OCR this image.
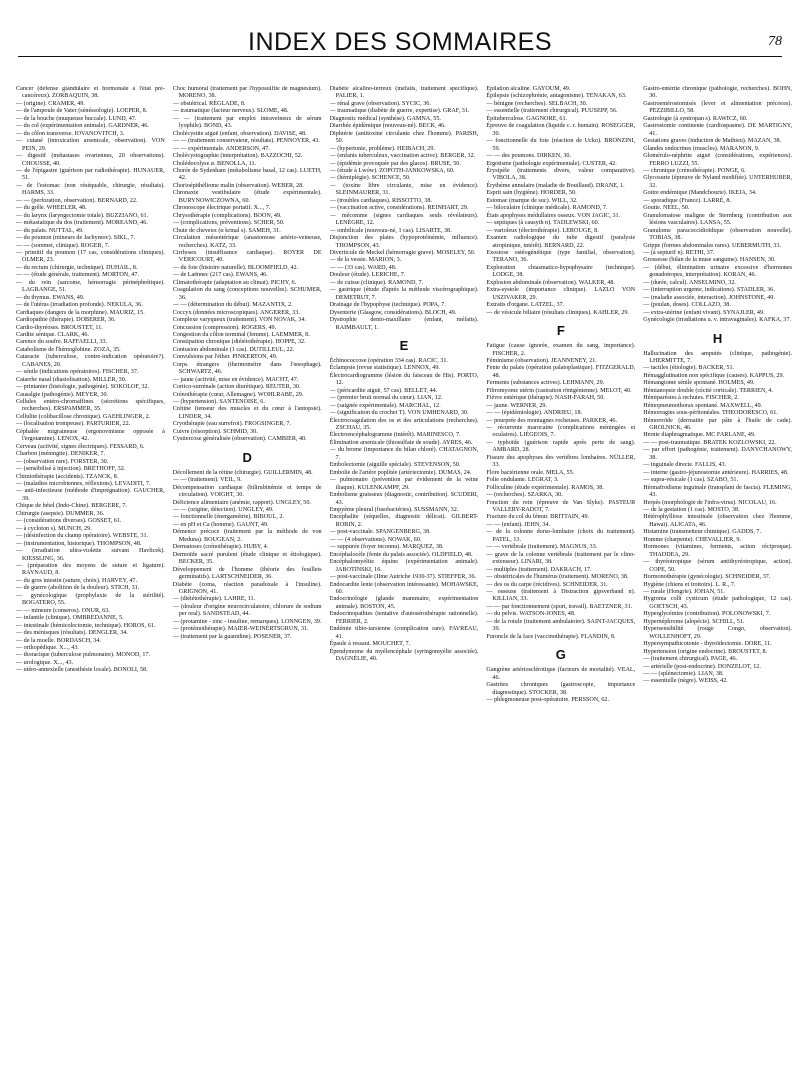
INDEX DES SOMMAIRES	78

Cancer (défense glandulaire et hormonale à l'état pré-cancéreux). ZORBAQUIN, 38.

— (origine). CRAMER, 49.

— de l'ampoule de Vater (sénéssologie). LOEPER, 8.

— de la bouche (muqueuse buccale). LUND, 47.

— du col (expérimentation animale). GARDNER, 46.

— du côlon transverse. IOVANOVITCH, 3.

— cutané (intoxication arsenicale, observation). VON PEIN, 29.

— digestif (métastases ovariennes, 20 observations). CHOUSSE, 40.

— de l'épigastre (guérison par radiothérapie). HUNAUER, 51.

— de l'estomac (non réséquable, chirurgie, résultats). HARMS, 33.

— — (perforation, observation). BERNARD, 22.

— du grêle. WHEELER, 48.

— du larynx (laryngectomie totale). BUZZIANO, 61.

— métastatique du dos (traitement). MOREAND, 46.

— du palais. NUTTAL, 49.

— du poumon (mineurs de Jachymov). SIKL, 7.

— — (sommet, clinique). ROGER, 7.

— primitif du poumon (17 cas, considérations cliniques). OLMER, 23.

— du rectum (chirurgie, technique). DUHAIL, 8.

— — (étude générale, traitement). MORTON, 47.

— du rein (sarcome, hémorragie périnéphrétique). LAGRANGE, 51.

— du thymus. EWANS, 49.

— de l'utérus (irradiation profonde). NEKULA, 36.

Cardiaques (dangers de la morphine). MAURIZ, 15.

Cardiopathie (thérapie). DOBERER, 36.

Cardio-thyréoses. BROUSTET, 11.

Cardite sénique. CLARK, 46.

Carence du soufre. RAFFAELLI, 33.

Catabolisme de l'hémoglobine. ZOZA, 35.

Cataracte (tuberculose, contre-indication opératoire?). CABANES, 20.

— sénile (indications opératoires). FISCHER, 37.

Catarrhe nasal (diastolisation). MILLER, 30.

— printanier (histologie, pathogénie). SOKOLOF, 32.

Causalgie (pathogénie). MEYER, 30.

Cellules entéro-chromaffines (sécrétions spécifiques, recherches). ERSPAMMER, 35.

Cellulite (colibacillose chronique). GAEHLINGER, 2.

— (localisation trompeuse). PARTURIER, 22.

Céphalée migraineuse (ergonovinisme opposée à l'ergotamine). LENOX, 42.

Cerveau (activité, signes électriques). FESSARD, 6.

Charbon (méningite). DENIKER, 7.

— (observation rare). FORSTER, 30.

— (sensibilisé à injection). BRETHOFF, 32.

Chimiothérapie (accidents). TZANCK, 8.

— (maladies microbiennes, réflexions). LEVADITI, 7.

— anti-infectieuse (méthode d'imprégnation). GAUCHER, 39.

Chique de bétel (Indo-Chine). BERGERE, 7.

Chirurgie (asepsie). DUMMER, 36.

— (considérations diverses). GOSSET, 61.

— à cycloton s). MUNCH, 29.

— (désinfection du champ opératoire). WEBSTE, 31.

— (instrumentation, historique). THOMPSON, 48.

— (irradiation ultra-violette suivant Havlicek). KIESSLING, 36.

— (préparation des moyens de suture et ligature). RAYNAUD, 8.

— du gros intestin (suture, choix). HARVEY, 47.

— de guerre (abolition de la douleur). STICH, 31.

— gynécologique (prophylaxie de la stérilité). BOGATERO, 55.

— — mineure (conseros). ONUR, 63.

— infantile (clinique). OMBREDANNE, 5.

— intestinale (hémicolectomie, technique). HOROS, 61.

— des ménisques (résultats). DENGLER, 34.

— de la moelle. BORDASCH, 34.

— orthopédique. X..., 43.

— thoracique (tuberculose pulmonaire). MONOD, 17.

— urologique. X..., 43.

— utéro-annexielle (anesthésie locale). BONOLI, 58.

Choc humoral (traitement par l'hyposulfite de magnésium). MORENO, 38.

— obstétrical. RÉGLADE, 8.

— traumatique (facteur nerveux). SLOME, 48.

— — (traitement par emploi intraveineux de sérum lyophile). BOND, 43.

Cholécystite aiguë (enfant, observation). DAVISE, 48.

— — (traitement conservateur, résultats). PENNOYER, 43.

— — expérimentale. ANDERSON, 47.

Cholécystographie (interprétation). BAZZOCHI, 52.

Cholédocolyse ø. BENOLLA, 11.

Chorée de Sydenham (métabolisme basal, 12 cas). LUETH, 42.

Chorioépithéliome malin (observation). WEBER, 28.

Chronaxie vestibulaire (étude expérimentale). BURYNOWICZOWNA, 60.

Chronoscope électrique portatif. X..., 7.

Chrysothérapie (complications). BOON, 49.

— (complications, préventions). SCHER, 50.

Chute de cheveux (α krinal s). SAMEH, 31.

Circulation mésentérique (anastomose artério-veineuse, recherches). KATZ, 33.

Cirrhoses (insuffisance cardiaque). ROYER DE VÉRICOURT, 40.

— du foie (histoire naturelle). BLOOMFIELD, 42.

— de Laënnec (217 cas). EWANS, 46.

Climatothérapie (adaptation au climat). PICHY, 6.

Coagulation du sang (conceptions nouvelles). SCHUMER, 36.

— — (détermination du début). MAZANTIX, 2.

Coccyx (données microscopiques). ANGERER, 33.

Complexe varyqueux (traitement). VON NOVAK, 34.

Concussion (compression). ROGERS, 49.

Congestion du côlon terminal (femme). LAEMMER, 8.

Constipation chronique (diététothérapie). HOPPE, 32.

Contusion abdominale (1 cas). DUTILLEUL, 22.

Convulsions par l'éther. PINKERTON, 49.

Corps étrangers (thermométre dans l'œsophage). SCHWARTZ, 46.

— jaune (activité, mise en évidence). MACHT, 47.

Cortico-surrénale (action diurétique). REUTER, 30.

Crénothérapie (cœur, Allemagne). WOHLRABE, 29.

— (hypertension). SANTENOISE, 6.

Crétine (tenseur des muscles et du cœur à l'antopsie). LINDER, 34.

Cryothérapie (eau surrefroi). FROGSINGER, 7.

Cuivre (résorption). SCHMID, 30.

Cystiercose généralisée (observation). CAMBIER, 40.

D

Décollement de la rétine (chirurgie). GUILLERMIN, 48.

— — (traitement). VEIL, 9.

Décompensation cardiaque (bilirubinémie et temps de circulation). VOIGHT, 30.

Déficience alimentaire (anémie, rapport). UNGLEY, 50.

— — (origine, détection). UNGLEY, 49.

— fonctionnelle (énergamétrie). BIBOUL, 2.

— en pH et Ca (homme). GAUNT, 49.

Démence précoce (traitement par la méthode de von Meduna). BOUGEAN, 2.

Dermatoses (crénothérapie). HUBY, 4.

Dermoïde sacré purulent (étude clinique et étiologique). BECKER, 35.

Développement de l'homme (théorie des feuillets germinatifs). LARTSCHNEIDER, 36.

Diabète (coma, réaction paradoxale à l'insuline). GRIGNON, 41.

— (diététothérapie). LAHRE, 11.

— (douleur d'origine neurocirculatoire, chlorure de sodium per oral). SANDSTEAD, 44.

— (protamine - zinc - insuline, remarques). LONNGEN, 39.

— (protéinothérapie). MAIER-WEINERTSGRUN, 31.

— (traitement par la guanidine). POSENER, 37.

Diabète alcalino-terreux (méfaits, traitement spécifique). PALIER, 1.

— rénal grave (observation). SYCIC, 36.

— traumatique (diabète de guerre, expertise). GRAF, 31.

Diagnostic médical (synthèse). GAMNA, 55.

Diarrhée épidémique (nouveau-né). BECK, 46.

Diphtérie (antitoxine circulante chez l'homme). PARISH, 50.

— (hypertonie, problème). HEIBACH, 29.

— (enfants tuberculeux, vaccination active). BERGER, 32.

— (épidémie provoquée par des glaces). BRUSE, 50.

— (étude à Lwów). ZOPOTH-JANKOWSKA, 60.

— (hémiplégie). SCHENCE, 50.

— (toxine libre circulante, mise en évidence). SLEINMAURER, 31.

— (troubles cardiaques). RISSOTTO, 38.

— (vaccination active, considérations). REINHART, 29.

— mécomme (signes cardiaques seuls révélateurs). LENÈGRE, 12.

— ombilicale (nouveau-né, 1 cas). LISARTE, 38.

Disjonction des plaies (hypoprotéinémie, influence). THOMPSON, 43.

Diverticule de Meckel (hémorragie grave). MOSELEY, 50.

— de la vessie. MARION, 3.

— — (33 cas). WARD, 48.

Douleur (étude). LERICHE, 7.

— de cuisse (clinique). RAMOND, 7.

— gastrique (étude d'après la méthode viscérographique). DEMETRUT, 7.

Drainage de l'hypophyse (technique). POPA, 7.

Dysenterie (Glasgow, considérations). BLOCH, 49.

Dystrophie dento-maxillaire (enfant, méfaits). RAIMBAULT, 1.

E

Échinococcose (opération 334 cas). RACIC, 31.

Éclampsie (revue statistique). LENNOX, 49.

Électrocardiogramme (lésion du faisceau de His). PORTO, 12.

— (péricardite aiguë, 57 cas). BELLET, 44.

— (premier bruit normal du cœur). LIAN, 12.

— (saignée expérimentale). MARCHAL, 12.

— (signification du crochet T). VON UMHENARD, 30.

Électrocoagulation des os et des articulations (recherches). ZSCHAU, 35.

Électroencéphalogramme (intérêt). MARINESCO, 7.

Élimination arsenicale (thiosulfate de soude). AYRES, 46.

— du brome (importance du bilan chloré). CHATAGNON, 7.

Embolectomie (aiguille spéciale). STEVENSON, 50.

Embolie de l'artère poplitée (artériectomie). DUMAS, 24.

— pulmonaire (prévention par évidement de la veine iliaque). KULENKAMPF, 29.

Embolisme graisseux (diagnostic, contribution). SCUDERI, 43.

Empyème pleural (fusobactéries). SUSSMANN, 32.

Encéphalite (séquelles, diagnostic délicat). GILBERT-ROBIN, 2.

— post-vaccinale. SPANGENBERG, 38.

— — (4 observations). NOWAK, 60.

— suppurée (foyer inconnu). MARQUEZ, 38.

Encéphalocèle (fente du palais associée). OLDFIELD, 48.

Encéphalomyélite équine (expérimentation animale). JABOTINSKI, 16.

— post-vaccinale (IIme Autriche 1930-37). STIEFFER, 36.

Endocardite lente (observation intéressante). MOHAWSKE, 60.

Endocrinologie (glande mammaire, expérimentation animale). BOSTON, 45.

Endocrinopathies (tentative d'autosérothérapie rationnelle). FERRIER, 2.

Endémie tibio-tarsienne (complication rare). FAVREAU, 41.

Épaule à ressaut. MOUCHET, 7.

Épendymome du myélencéphale (syringomyélie associée). DAGNÉLIE, 40.

Épilation alcaline. GAYOUM, 49.

Épilepsie (schizophrénie, antagonisme). TENAKAN, 63.

— bénigne (recherches). SELBACH, 30.

— essentielle (traitement chirurgical). PUUSEPP, 56.

Épituberculose. GAGNORE, 61.

Épreuve de coagulation (liquide c. r. humain). ROSEGGER, 30.

— fonctionnelle du foie (réaction de Ucko). BRONZINI, 59.

— — des poumons. DIRKEN, 30.

Ergotisme (pathologie expérimentale). CUSTER, 42.

Érysipèle (traitements divers, valeur comparative). VIBOLA, 38.

Érythème annulaire (maladie de Bouillaud). DRANE, 1.

Esprit sain (hygiène). HORDER, 50.

Estomac (marque de suc). WILL, 32.

— biloculaire (clinique médicale). RAMOND, 7.

États apophyses médullaires osseux. VON JAGIC, 31.

— septiques (à causyth n). TADLEWSKI, 60.

— varioleux (électrothérapie). LEROUGE, 8.

Examen radiologique du tube digestif (paralysie atropinique, intérêt). BERNARD, 22.

Exostose ostéogénétique (type familial, observation). TERANO, 36.

Exploration chiasmatico-hypophysaire (technique). LODGE, 38.

Explosion abdominale (observation). WALKER, 48.

Extra-systole (importance clinique). LAZLO VON USZIVAKER, 29.

Extraits d'organe. LATZEL, 37.

— de vésicule biliaire (résultats cliniques). KAHLER, 29.

F

Fatigue (cause ignorée, examen du sang, importance). FISCHER, 2.

Féminisme (observation). JEANNENEY, 21.

Fente du palais (opération palatoplastique). FITZGERALD, 48.

Ferments (substances actives). LEHMANN, 29.

Fibromyome utérin (castration röntgénienne). MELOT, 40.

Fièvre entérique (thérapie). NASH-FARAH, 50.

— jaune. WERNER, 29.

— — (épidémiologie). ANDRIEU, 18.

— pourprée des montagnes rocheuses. PARKER, 46.

— récurrente marocaine (complications méningées et oculaires). LIÉGEOIS, 7.

— typhoïde (guérison rapide après perte de sang). AMBARD, 28.

Fissure des apophyses des vertèbres lombaires. NÜLLER, 33.

Flore bactérienne orale. MELA, 55.

Folie ondulante. LEGRAT, 3.

Folliculine (étude expérimentale). RAMOS, 38.

— (recherches). SZARKA, 30.

Fonction du rein (épreuve de Van Slyke). PASTEUR VALLERY-RADOT, 7.

Fracture du col du fémur. BRITTAIN, 49.

— — (enfant). JEHN, 34.

— de la colonne dorso-lombaire (choix du traitement). PATEL, 13.

— — vertébrale (traitement). MAGNUS, 33.

— grave de la colonne vertébrale (traitement par le clino-extenseur). LINARI, 38.

— multiples (traitement). DAKRACH, 17.

— obstétricales de l'humérus (traitement). MORENO, 38.

— des os du carpe (récidives). SCHNEIDER, 31.

— osseuse (traitement à Distraction gipsverband n). KILLIAN, 33.

— — par fonctionnement (sport, travail). BAETZNER, 31.

— du pelvis. WATSON-JONES, 48.

— de la rotule (traitement ambulatoire). SAINT-JACQUES, 39.

Furoncle de la face (vaccinothérapie). FLANDIN, 8.

G

Gangrène artériosclérotique (facteurs de mortalité). VEAL, 46.

Gastrites chroniques (gastroscopie, importance diagnostique). STOCKER, 38.

— phlegmoneuse post-opératoire. PERSSON, 62.

Gastro-entérite chronique (pathologie, recherches). BOHN, 30.

Gastroentérostomisés (lever et alimentation précoces). PEZZIBILLO, 58.

Gastrologie (à syntropan s). RAWICZ, 60.

Gastrostomie continente (cardiospasme). DE MARTIGNY, 41.

Gestations graves (induction de Mathieu). MAZAN, 38.

Glandes endocrines (muscles). MARANON, 9.

Glomérulo-néphrite aiguë (considérations, expériences). FERRO LUZZI, 55.

— chronique (crénothérapie). PONGE, 6.

Glycosurie (épreuve de Nyland modifiée). UNTERHUBER, 32.

Goitre endémique (Mandchourie). IKEJA, 34.

— sporadique (France). LARRÉ, 8.

Goutte. NEEL, 50.

Granulomatose maligne de Sternberg (contribution aux lésions vasculaires). LANSA, 55.

Granulome paracoccidioïdique (observation nouvelle). TOBIAS, 38.

Grippe (formes abdominales rares). UEBERMUTH, 33.

— (à septurif n). RETHI, 37.

Grossesse (bilan de la muse sanguine). HANSEN, 30.

— (début, élimination urinaire excessive d'hormones gonadotropes, interprétation). KORAN, 46.

— (durée, calcul). ANSELMINO, 32.

— (interruption urgente, indications). STADLER, 36.

— (maladie associée, interaction). JOHNSTONE, 49.

— (poulan, doses). COLLAZO, 38.

— extra-utérine (enfant vivant). SYNAJLER, 49.

Gynécologie (irradiations u. v. intravaginales). KAFKA, 37.

H

Hallucination des amputés (clinique, pathogénie). LHERMITTE, 7.

— tactiles (étiologie). BACKER, 51.

Hémagglutination non spécifique (causes). KAPPUS, 29.

Hémangiome sénile spontané. HOLMES, 49.

Hémianopsie double (cécité corticale). TERRIEN, 4.

Hémiparésies à rechutes. FISCHER, 2.

Hémopneumothorax spontané. MAXWELL, 49.

Hémorragies sous-péritonéales. THEODORESCO, 61.

Hémorroïde (dermatite par pâte à l'huile de cade). GROLNICK, 46.

Hernie diaphragmatique. MC FARLANE, 49.

— — post-traumatique. BRATEK KOZLOWSKI, 22.

— par effort (pathogénie, traitement). DANYCHANOWY, 38.

— inguinale directe. FALLIS, 43.

— interne (gastro-jéjunostomie antérieure). HARRIES, 48.

— supra-vésicale (1 cas). SZABO, 51.

Hérmafrodisme inguinale (transplant de fascia). FLEMING, 43.

Herpès (morphologie de l'infra-virus). NICOLAU, 16.

— de la gestation (1 cas). MOSTO, 38.

Hétérophylliose intestinale (observation chez l'homme, Hawaï). ALICATA, 46.

Histamine (transmetteur chimique). GADDS, 7.

Homme (charpente). CHEVALLIER, 9.

Hormones (vitamines, ferments, action réciproque). THADDEA, 29.

— thyréotropique (sérum antithyréotropique, action). COPE, 50.

Hormonothérapie (gynécologie). SCHNEIDER, 37.

Hygiène (chiens et trottoirs). L. R., 7.

— rurale (Hongrie). JOHAN, 51.

Hygroma colli cysticum (étude pathologique, 12 cas). GOETSCH, 43.

Hyperglycémies (contribution). POLONOWSKI, 7.

Hypernéphrome (alopécie). SCHILL, 51.

Hypersensibilité (rouge Congo, observation). WOLLENHOFT, 29.

Hypersympathicotonie - thyroïdectomie. DORE, 11.

Hypertension (origine endocrine). BROUSTET, 8.

— (traitement chirurgical). PAGE, 46.

— artérielle (post-endocrine). DONZELOT, 12.

— — (splénectomie). LIAN, 38.

— essentielle (nègre). WEISS, 42.
